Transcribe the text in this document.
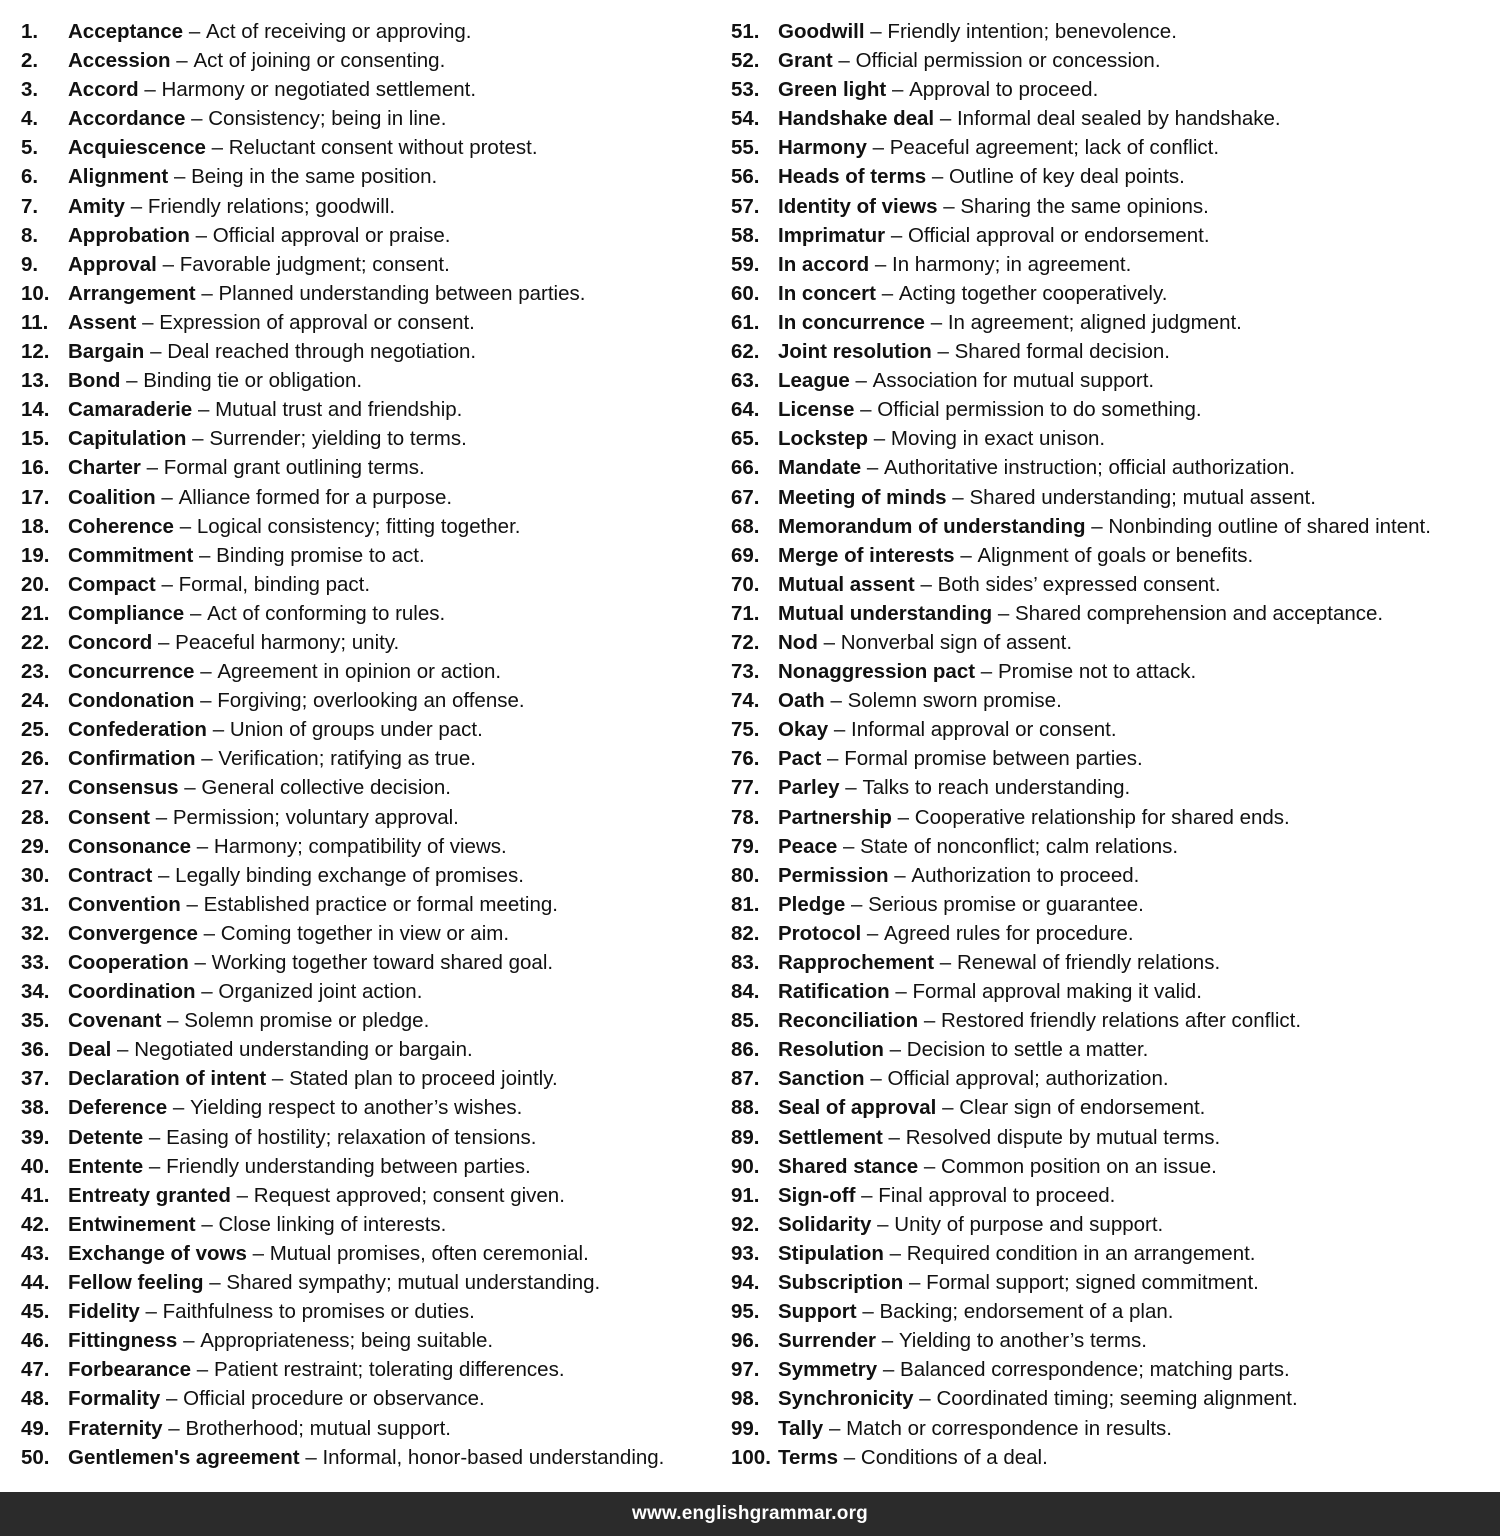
1.	Acceptance – Act of receiving or approving.
2.	Accession – Act of joining or consenting.
3.	Accord – Harmony or negotiated settlement.
4.	Accordance – Consistency; being in line.
5.	Acquiescence – Reluctant consent without protest.
6.	Alignment – Being in the same position.
7.	Amity – Friendly relations; goodwill.
8.	Approbation – Official approval or praise.
9.	Approval – Favorable judgment; consent.
10. Arrangement – Planned understanding between parties.
11. Assent – Expression of approval or consent.
12. Bargain – Deal reached through negotiation.
13. Bond – Binding tie or obligation.
14. Camaraderie – Mutual trust and friendship.
15. Capitulation – Surrender; yielding to terms.
16. Charter – Formal grant outlining terms.
17. Coalition – Alliance formed for a purpose.
18. Coherence – Logical consistency; fitting together.
19. Commitment – Binding promise to act.
20. Compact – Formal, binding pact.
21. Compliance – Act of conforming to rules.
22. Concord – Peaceful harmony; unity.
23. Concurrence – Agreement in opinion or action.
24. Condonation – Forgiving; overlooking an offense.
25. Confederation – Union of groups under pact.
26. Confirmation – Verification; ratifying as true.
27. Consensus – General collective decision.
28. Consent – Permission; voluntary approval.
29. Consonance – Harmony; compatibility of views.
30. Contract – Legally binding exchange of promises.
31. Convention – Established practice or formal meeting.
32. Convergence – Coming together in view or aim.
33. Cooperation – Working together toward shared goal.
34. Coordination – Organized joint action.
35. Covenant – Solemn promise or pledge.
36. Deal – Negotiated understanding or bargain.
37. Declaration of intent – Stated plan to proceed jointly.
38. Deference – Yielding respect to another’s wishes.
39. Detente – Easing of hostility; relaxation of tensions.
40. Entente – Friendly understanding between parties.
41. Entreaty granted – Request approved; consent given.
42. Entwinement – Close linking of interests.
43. Exchange of vows – Mutual promises, often ceremonial.
44. Fellow feeling – Shared sympathy; mutual understanding.
45. Fidelity – Faithfulness to promises or duties.
46. Fittingness – Appropriateness; being suitable.
47. Forbearance – Patient restraint; tolerating differences.
48. Formality – Official procedure or observance.
49. Fraternity – Brotherhood; mutual support.
50. Gentlemen's agreement – Informal, honor-based understanding.
51. Goodwill – Friendly intention; benevolence.
52. Grant – Official permission or concession.
53. Green light – Approval to proceed.
54. Handshake deal – Informal deal sealed by handshake.
55. Harmony – Peaceful agreement; lack of conflict.
56. Heads of terms – Outline of key deal points.
57. Identity of views – Sharing the same opinions.
58. Imprimatur – Official approval or endorsement.
59. In accord – In harmony; in agreement.
60. In concert – Acting together cooperatively.
61. In concurrence – In agreement; aligned judgment.
62. Joint resolution – Shared formal decision.
63. League – Association for mutual support.
64. License – Official permission to do something.
65. Lockstep – Moving in exact unison.
66. Mandate – Authoritative instruction; official authorization.
67. Meeting of minds – Shared understanding; mutual assent.
68. Memorandum of understanding – Nonbinding outline of shared intent.
69. Merge of interests – Alignment of goals or benefits.
70. Mutual assent – Both sides’ expressed consent.
71. Mutual understanding – Shared comprehension and acceptance.
72. Nod – Nonverbal sign of assent.
73. Nonaggression pact – Promise not to attack.
74. Oath – Solemn sworn promise.
75. Okay – Informal approval or consent.
76. Pact – Formal promise between parties.
77. Parley – Talks to reach understanding.
78. Partnership – Cooperative relationship for shared ends.
79. Peace – State of nonconflict; calm relations.
80. Permission – Authorization to proceed.
81. Pledge – Serious promise or guarantee.
82. Protocol – Agreed rules for procedure.
83. Rapprochement – Renewal of friendly relations.
84. Ratification – Formal approval making it valid.
85. Reconciliation – Restored friendly relations after conflict.
86. Resolution – Decision to settle a matter.
87. Sanction – Official approval; authorization.
88. Seal of approval – Clear sign of endorsement.
89. Settlement – Resolved dispute by mutual terms.
90. Shared stance – Common position on an issue.
91. Sign-off – Final approval to proceed.
92. Solidarity – Unity of purpose and support.
93. Stipulation – Required condition in an arrangement.
94. Subscription – Formal support; signed commitment.
95. Support – Backing; endorsement of a plan.
96. Surrender – Yielding to another’s terms.
97. Symmetry – Balanced correspondence; matching parts.
98. Synchronicity – Coordinated timing; seeming alignment.
99. Tally – Match or correspondence in results.
100. Terms – Conditions of a deal.
www.englishgrammar.org
